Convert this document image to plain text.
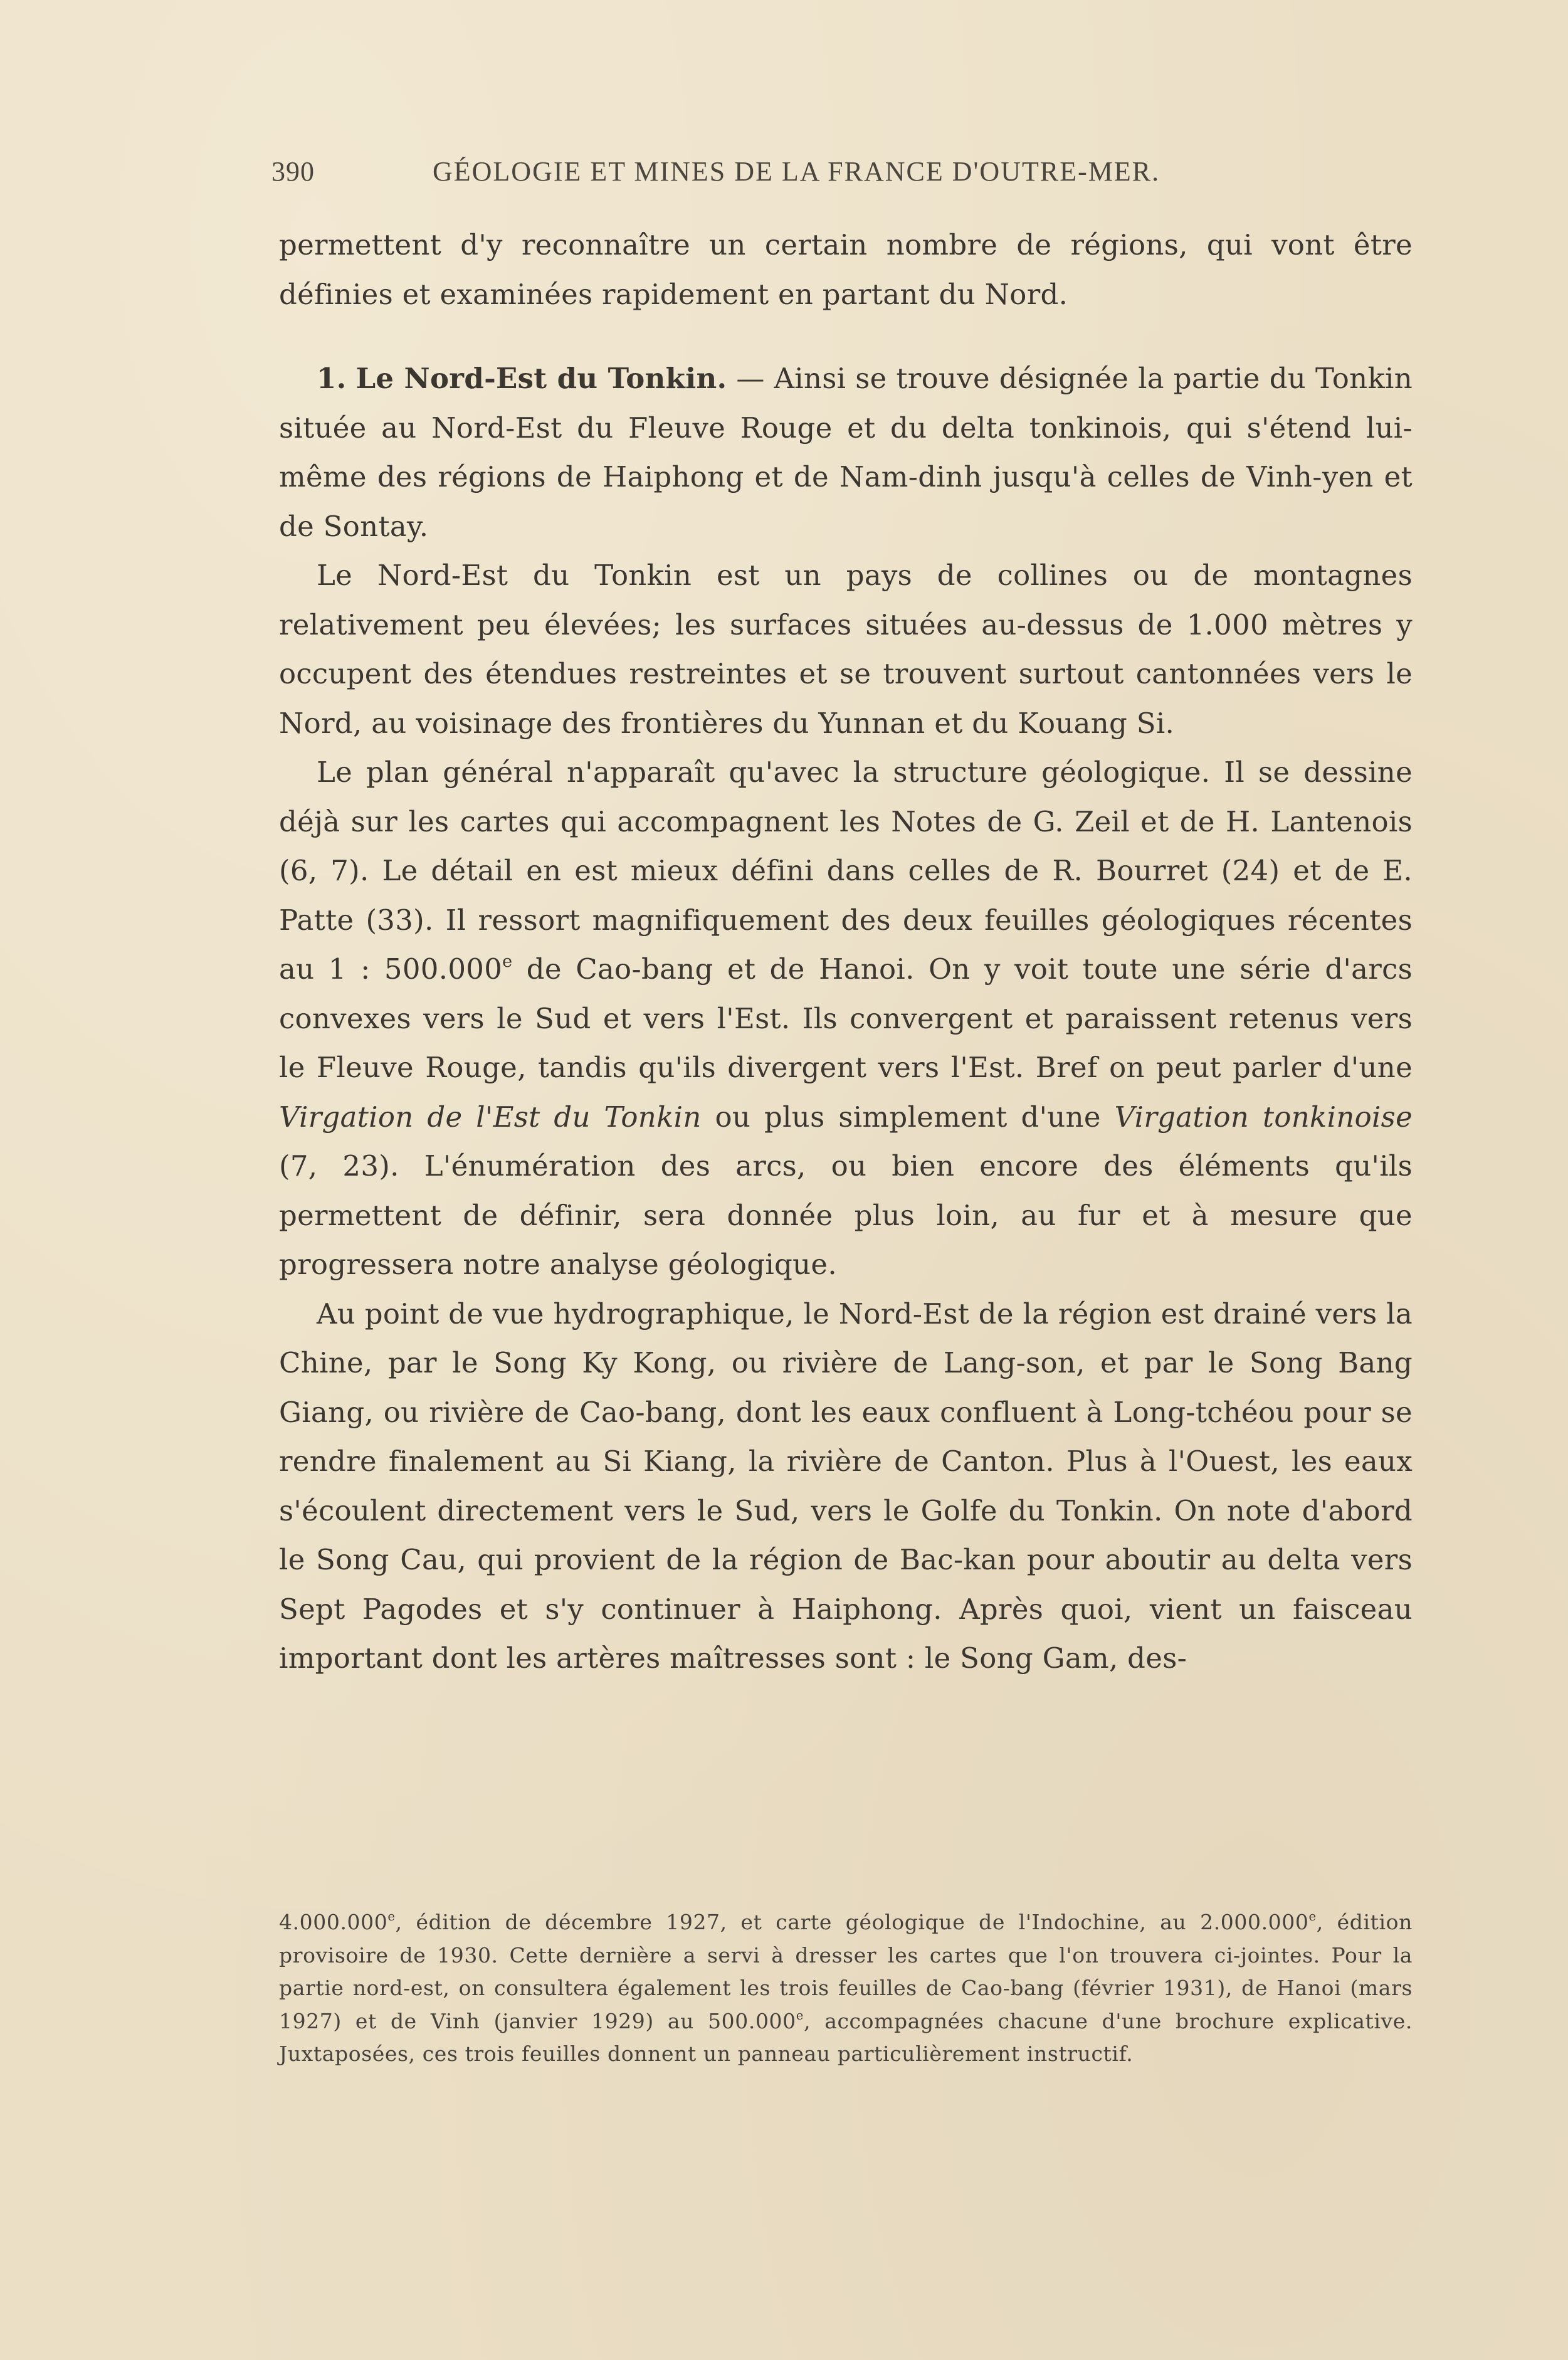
390	GÉOLOGIE ET MINES DE LA FRANCE D'OUTRE-MER.

permettent d'y reconnaître un certain nombre de régions, qui vont être définies et examinées rapidement en partant du Nord.

1. Le Nord-Est du Tonkin. — Ainsi se trouve désignée la partie du Tonkin située au Nord-Est du Fleuve Rouge et du delta tonkinois, qui s'étend lui-même des régions de Haiphong et de Nam-dinh jusqu'à celles de Vinh-yen et de Sontay.

Le Nord-Est du Tonkin est un pays de collines ou de montagnes relativement peu élevées; les surfaces situées au-dessus de 1.000 mètres y occupent des étendues restreintes et se trouvent surtout cantonnées vers le Nord, au voisinage des frontières du Yunnan et du Kouang Si.

Le plan général n'apparaît qu'avec la structure géologique. Il se dessine déjà sur les cartes qui accompagnent les Notes de G. Zeil et de H. Lantenois (6, 7). Le détail en est mieux défini dans celles de R. Bourret (24) et de E. Patte (33). Il ressort magnifiquement des deux feuilles géologiques récentes au 1 : 500.000e de Cao-bang et de Hanoi. On y voit toute une série d'arcs convexes vers le Sud et vers l'Est. Ils convergent et paraissent retenus vers le Fleuve Rouge, tandis qu'ils divergent vers l'Est. Bref on peut parler d'une Virgation de l'Est du Tonkin ou plus simplement d'une Virgation tonkinoise (7, 23). L'énumération des arcs, ou bien encore des éléments qu'ils permettent de définir, sera donnée plus loin, au fur et à mesure que progressera notre analyse géologique.

Au point de vue hydrographique, le Nord-Est de la région est drainé vers la Chine, par le Song Ky Kong, ou rivière de Lang-son, et par le Song Bang Giang, ou rivière de Cao-bang, dont les eaux confluent à Long-tchéou pour se rendre finalement au Si Kiang, la rivière de Canton. Plus à l'Ouest, les eaux s'écoulent directement vers le Sud, vers le Golfe du Tonkin. On note d'abord le Song Cau, qui provient de la région de Bac-kan pour aboutir au delta vers Sept Pagodes et s'y continuer à Haiphong. Après quoi, vient un faisceau important dont les artères maîtresses sont : le Song Gam, des-

4.000.000e, édition de décembre 1927, et carte géologique de l'Indochine, au 2.000.000e, édition provisoire de 1930. Cette dernière a servi à dresser les cartes que l'on trouvera ci-jointes. Pour la partie nord-est, on consultera également les trois feuilles de Cao-bang (février 1931), de Hanoi (mars 1927) et de Vinh (janvier 1929) au 500.000e, accompagnées chacune d'une brochure explicative. Juxtaposées, ces trois feuilles donnent un panneau particulièrement instructif.
